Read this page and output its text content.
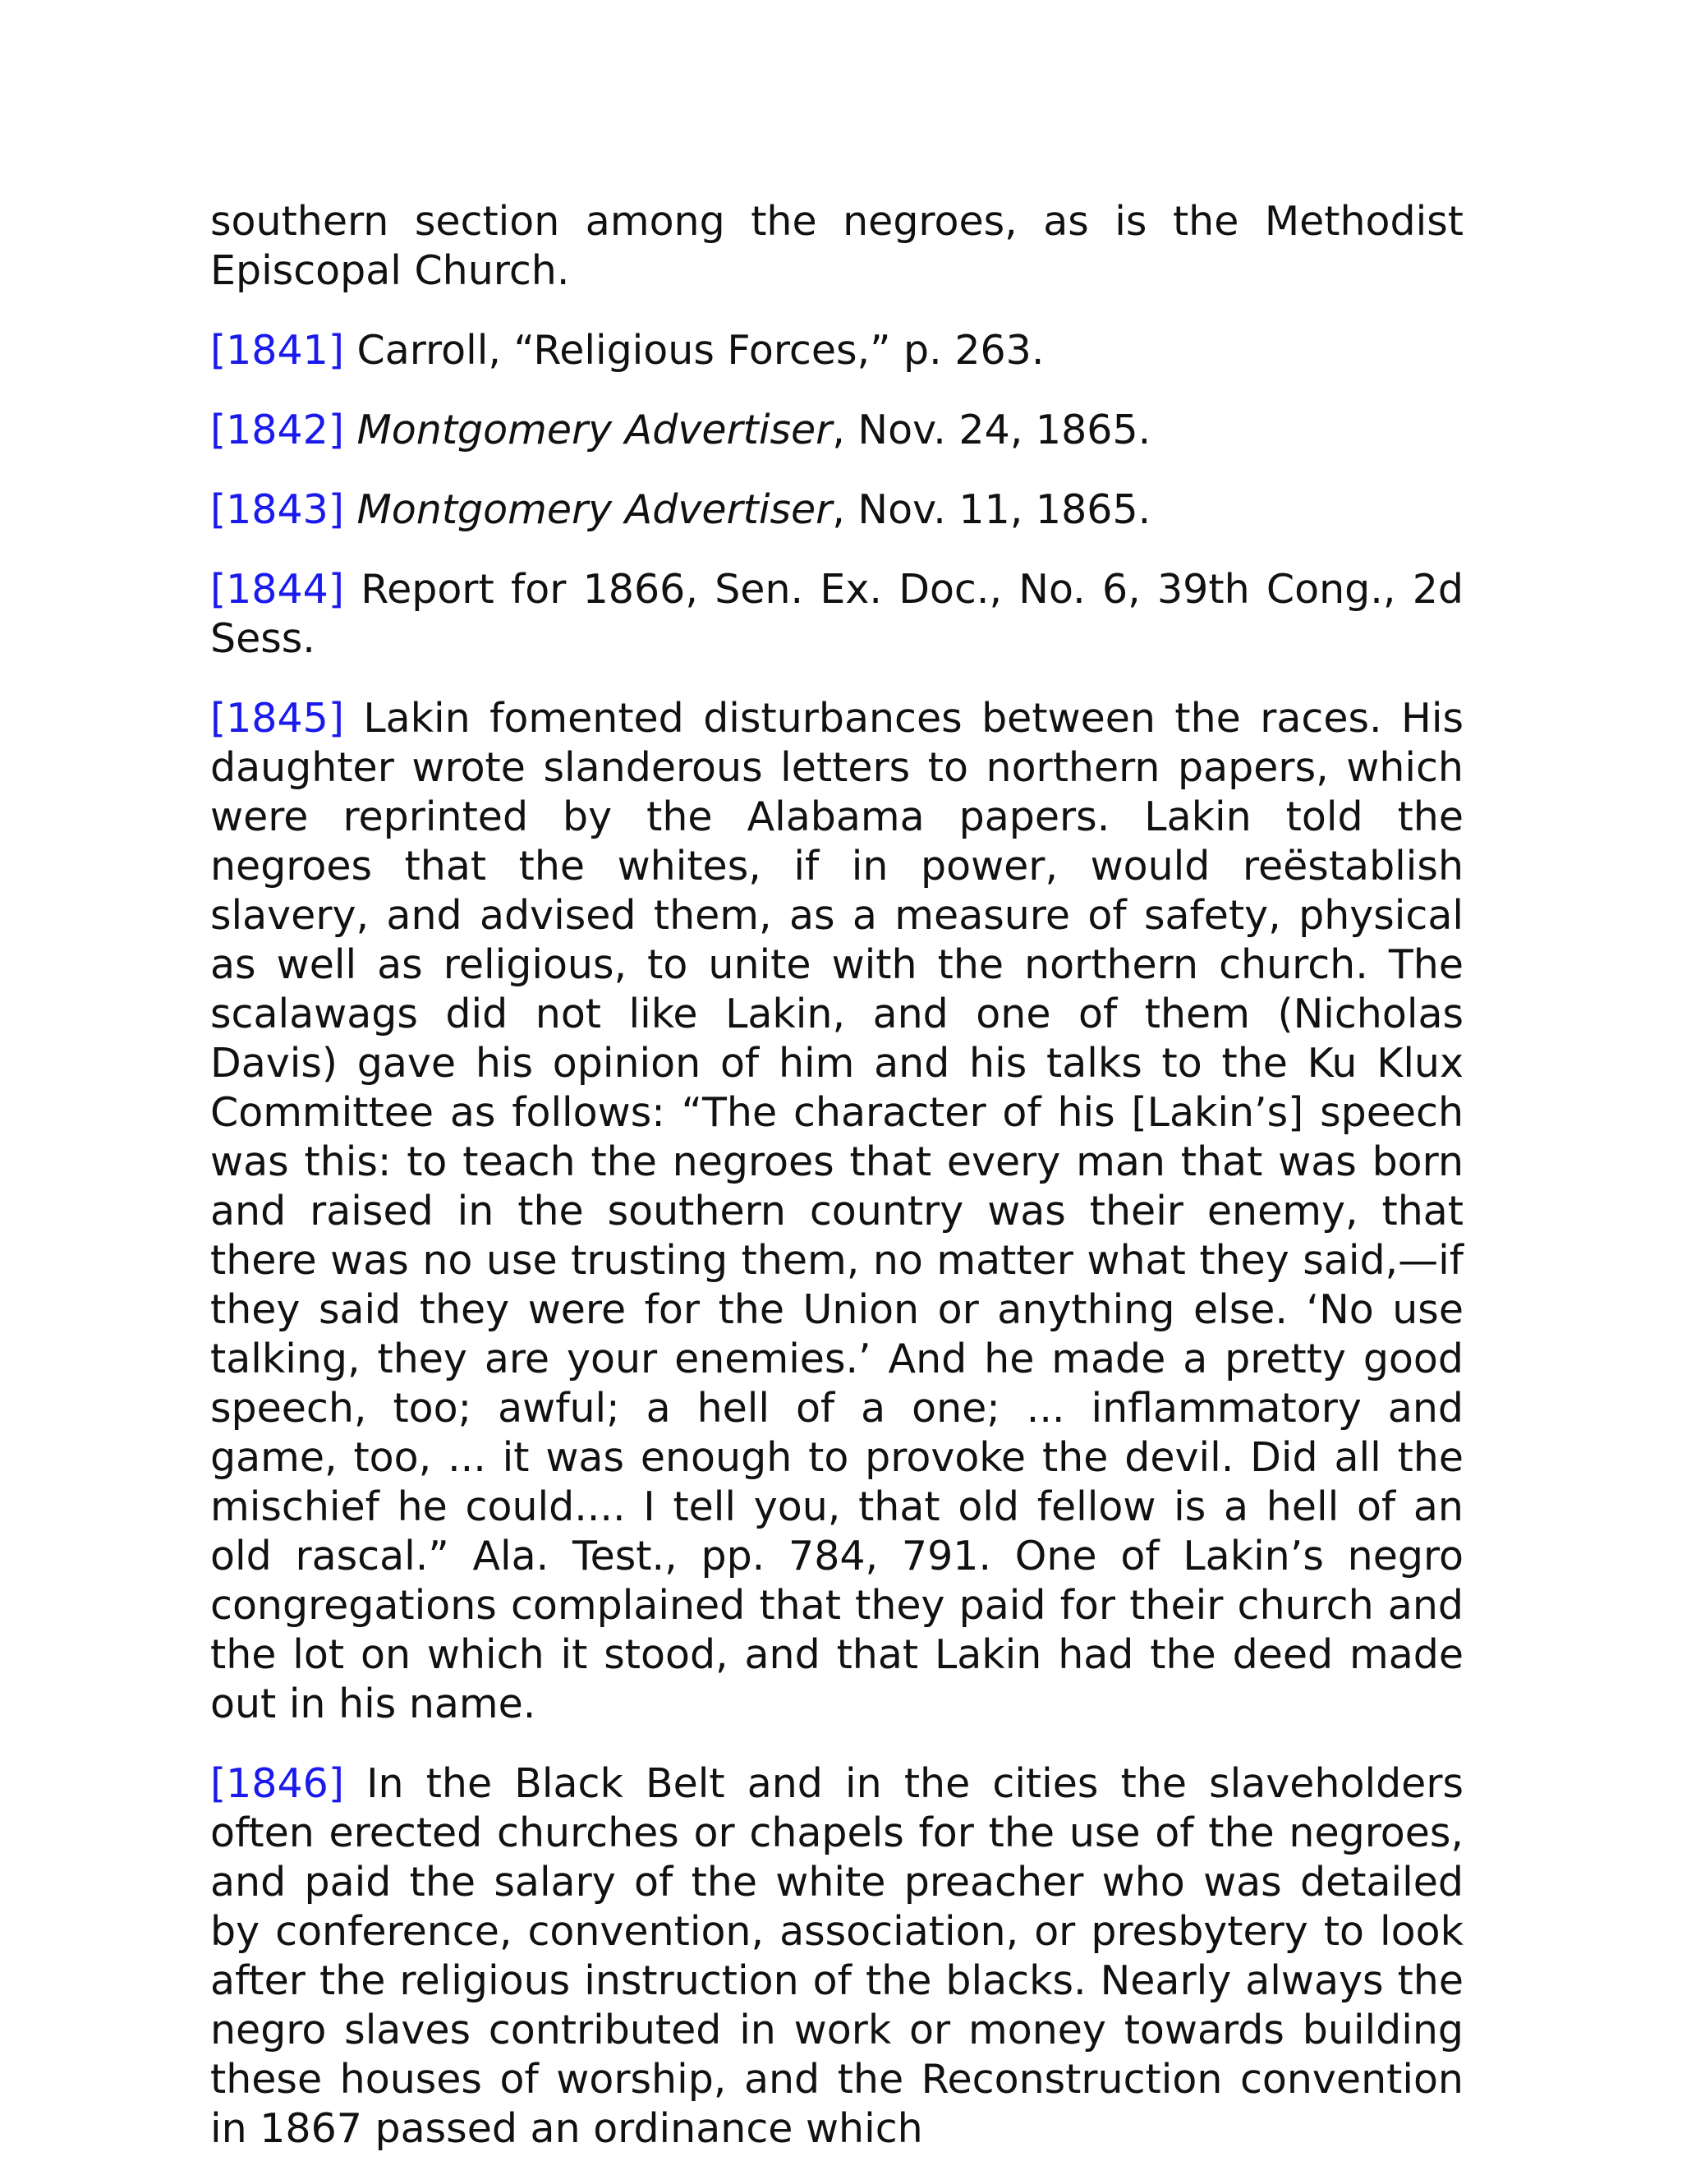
southern section among the negroes, as is the Methodist Episcopal Church.

[1841] Carroll, “Religious Forces,” p. 263.

[1842] Montgomery Advertiser, Nov. 24, 1865.

[1843] Montgomery Advertiser, Nov. 11, 1865.

[1844] Report for 1866, Sen. Ex. Doc., No. 6, 39th Cong., 2d Sess.

[1845] Lakin fomented disturbances between the races. His daughter wrote slanderous letters to northern papers, which were reprinted by the Alabama papers. Lakin told the negroes that the whites, if in power, would reëstablish slavery, and advised them, as a measure of safety, physical as well as religious, to unite with the northern church. The scalawags did not like Lakin, and one of them (Nicholas Davis) gave his opinion of him and his talks to the Ku Klux Committee as follows: “The character of his [Lakin’s] speech was this: to teach the negroes that every man that was born and raised in the southern country was their enemy, that there was no use trusting them, no matter what they said,—if they said they were for the Union or anything else. ‘No use talking, they are your enemies.’ And he made a pretty good speech, too; awful; a hell of a one; ... inflammatory and game, too, ... it was enough to provoke the devil. Did all the mischief he could.... I tell you, that old fellow is a hell of an old rascal.” Ala. Test., pp. 784, 791. One of Lakin’s negro congregations complained that they paid for their church and the lot on which it stood, and that Lakin had the deed made out in his name.

[1846] In the Black Belt and in the cities the slaveholders often erected churches or chapels for the use of the negroes, and paid the salary of the white preacher who was detailed by conference, convention, association, or presbytery to look after the religious instruction of the blacks. Nearly always the negro slaves contributed in work or money towards building these houses of worship, and the Reconstruction convention in 1867 passed an ordinance which
